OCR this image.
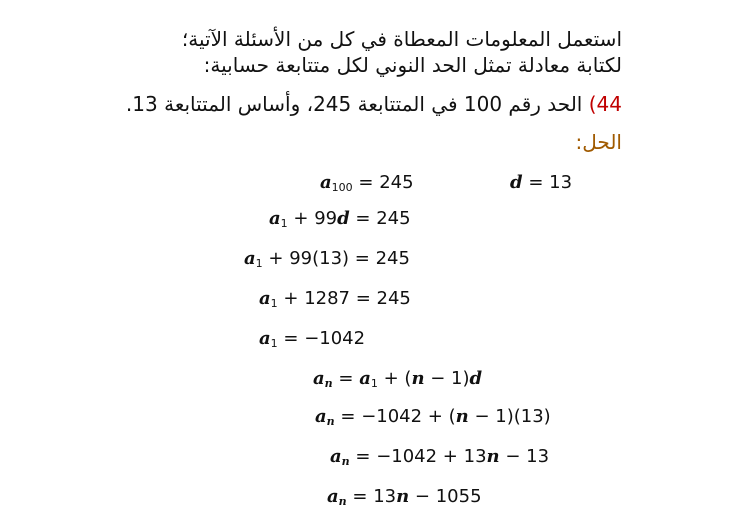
استعمل المعلومات المعطاة في كل من الأسئلة الآتية؛
لكتابة معادلة تمثل الحد النوني لكل متتابعة حسابية:
44) الحد رقم 100 في المتتابعة 245، وأساس المتتابعة 13.
الحل:
$a_{100} = 245$	d = 13
$a_1 + 99d = 245$
$a_1 + 99(13) = 245$
$a_1 + 1287 = 245$
$a_1 = -1042$
$a_n = a_1 + (n - 1)d$
$a_n = -1042 + (n - 1)(13)$
$a_n = -1042 + 13n - 13$
$a_n = 13n - 1055$
